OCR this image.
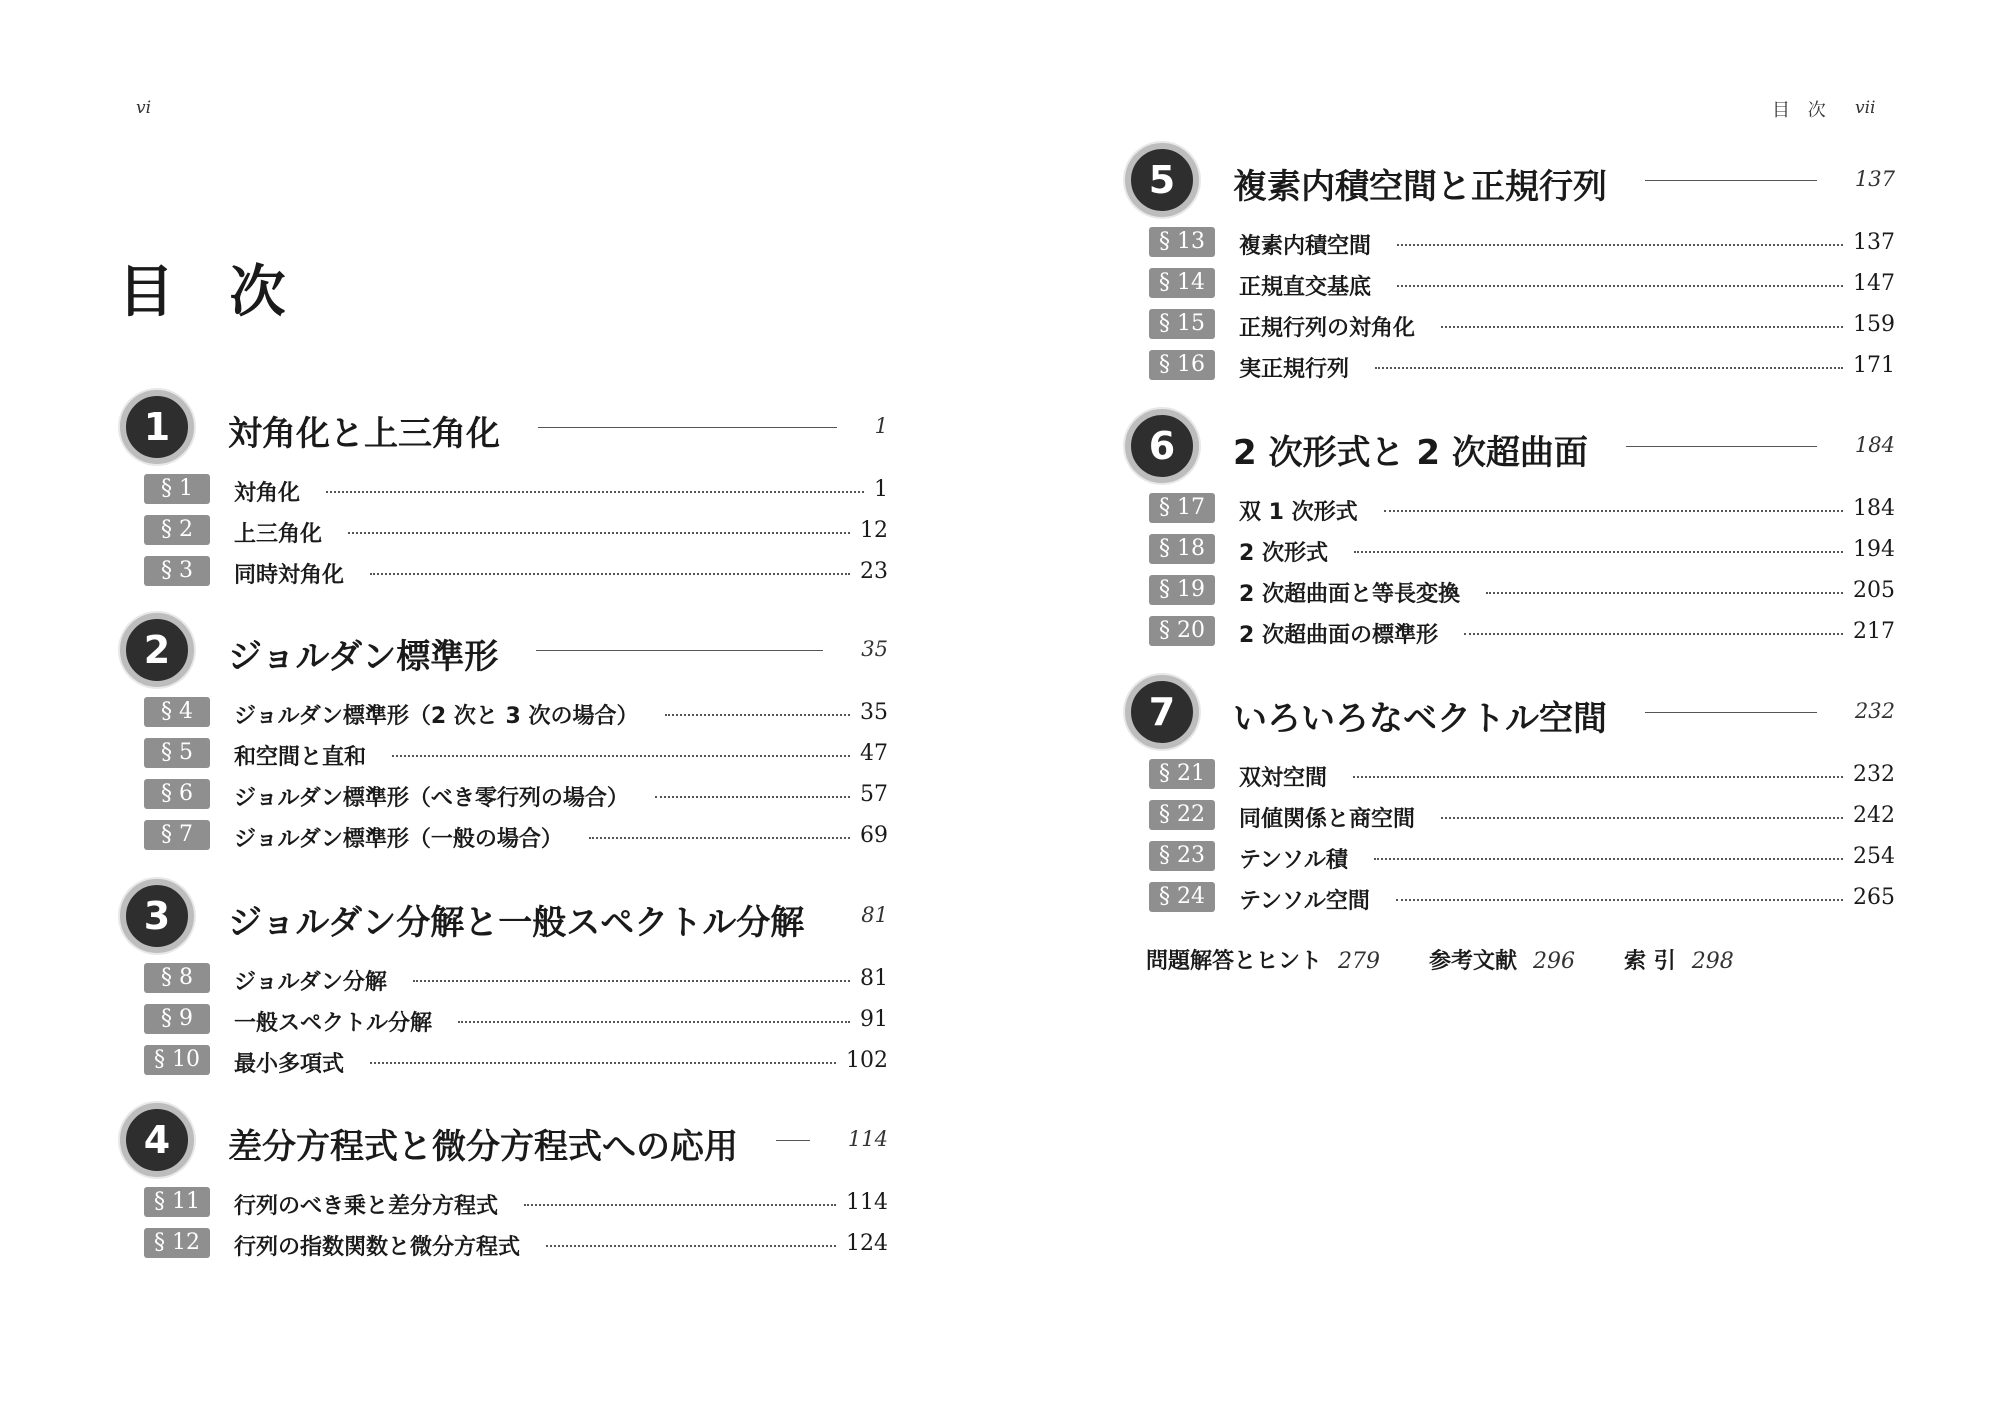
vi
目 次
目 次 vii
問題解答とヒント 279 参考文献 296 索 引 298
1	対角化と上三角化	1
§ 1	対角化	1
§ 2	上三角化	12
§ 3	同時対角化	23
2	ジョルダン標準形	35
§ 4	ジョルダン標準形（2 次と 3 次の場合）	35
§ 5	和空間と直和	47
§ 6	ジョルダン標準形（べき零行列の場合）	57
§ 7	ジョルダン標準形（一般の場合）	69
3	ジョルダン分解と一般スペクトル分解	81
§ 8	ジョルダン分解	81
§ 9	一般スペクトル分解	91
§ 10	最小多項式	102
4	差分方程式と微分方程式への応用	114
§ 11	行列のべき乗と差分方程式	114
§ 12	行列の指数関数と微分方程式	124
5	複素内積空間と正規行列	137
§ 13	複素内積空間	137
§ 14	正規直交基底	147
§ 15	正規行列の対角化	159
§ 16	実正規行列	171
6	2 次形式と 2 次超曲面	184
§ 17	双 1 次形式	184
§ 18	2 次形式	194
§ 19	2 次超曲面と等長変換	205
§ 20	2 次超曲面の標準形	217
7	いろいろなベクトル空間	232
§ 21	双対空間	232
§ 22	同値関係と商空間	242
§ 23	テンソル積	254
§ 24	テンソル空間	265
